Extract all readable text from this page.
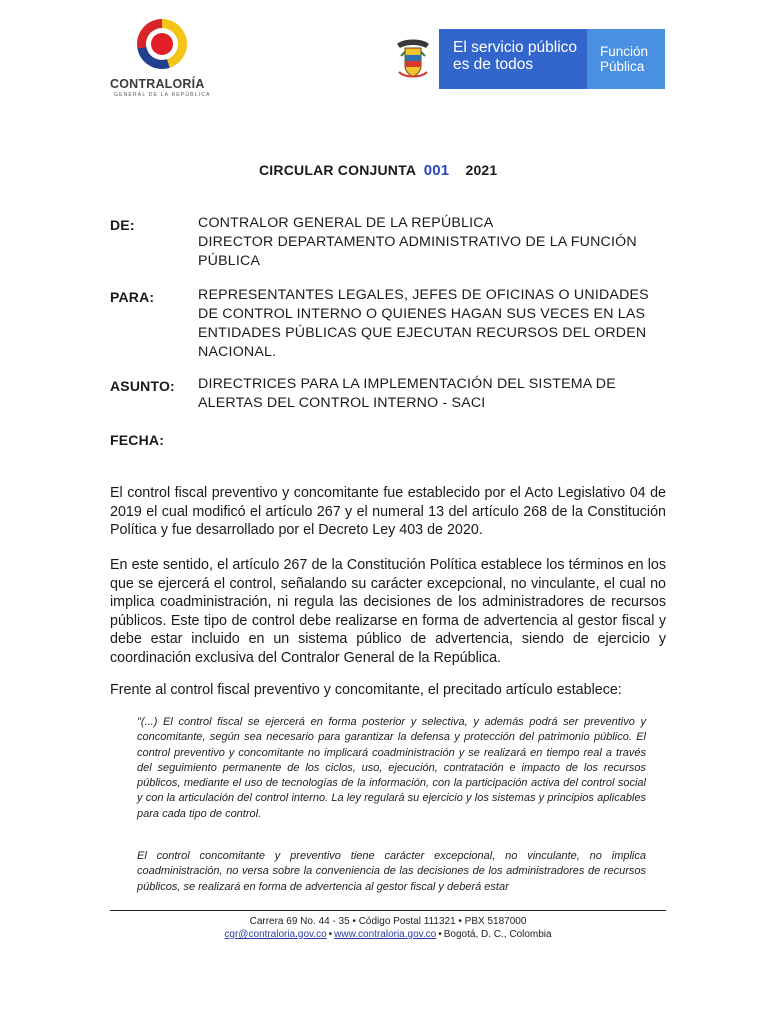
CONTRALORÍA
GENERAL DE LA REPÚBLICA
El servicio público
es de todos
Función
Pública
CIRCULAR CONJUNTA 001 2021
DE:	CONTRALOR GENERAL DE LA REPÚBLICA
DIRECTOR DEPARTAMENTO ADMINISTRATIVO DE LA FUNCIÓN PÚBLICA
PARA:	REPRESENTANTES LEGALES, JEFES DE OFICINAS O UNIDADES DE CONTROL INTERNO O QUIENES HAGAN SUS VECES EN LAS ENTIDADES PÚBLICAS QUE EJECUTAN RECURSOS DEL ORDEN NACIONAL.
ASUNTO: DIRECTRICES PARA LA IMPLEMENTACIÓN DEL SISTEMA DE ALERTAS DEL CONTROL INTERNO - SACI
FECHA:
El control fiscal preventivo y concomitante fue establecido por el Acto Legislativo 04 de 2019 el cual modificó el artículo 267 y el numeral 13 del artículo 268 de la Constitución Política y fue desarrollado por el Decreto Ley 403 de 2020.
En este sentido, el artículo 267 de la Constitución Política establece los términos en los que se ejercerá el control, señalando su carácter excepcional, no vinculante, el cual no implica coadministración, ni regula las decisiones de los administradores de recursos públicos. Este tipo de control debe realizarse en forma de advertencia al gestor fiscal y debe estar incluido en un sistema público de advertencia, siendo de ejercicio y coordinación exclusiva del Contralor General de la República.
Frente al control fiscal preventivo y concomitante, el precitado artículo establece:
"(...) El control fiscal se ejercerá en forma posterior y selectiva, y además podrá ser preventivo y concomitante, según sea necesario para garantizar la defensa y protección del patrimonio público. El control preventivo y concomitante no implicará coadministración y se realizará en tiempo real a través del seguimiento permanente de los ciclos, uso, ejecución, contratación e impacto de los recursos públicos, mediante el uso de tecnologías de la información, con la participación activa del control social y con la articulación del control interno. La ley regulará su ejercicio y los sistemas y principios aplicables para cada tipo de control.
El control concomitante y preventivo tiene carácter excepcional, no vinculante, no implica coadministración, no versa sobre la conveniencia de las decisiones de los administradores de recursos públicos, se realizará en forma de advertencia al gestor fiscal y deberá estar
Carrera 69 No. 44 - 35 • Código Postal 111321 • PBX 5187000
cgr@contraloria.gov.co • www.contraloria.gov.co • Bogotá, D. C., Colombia
